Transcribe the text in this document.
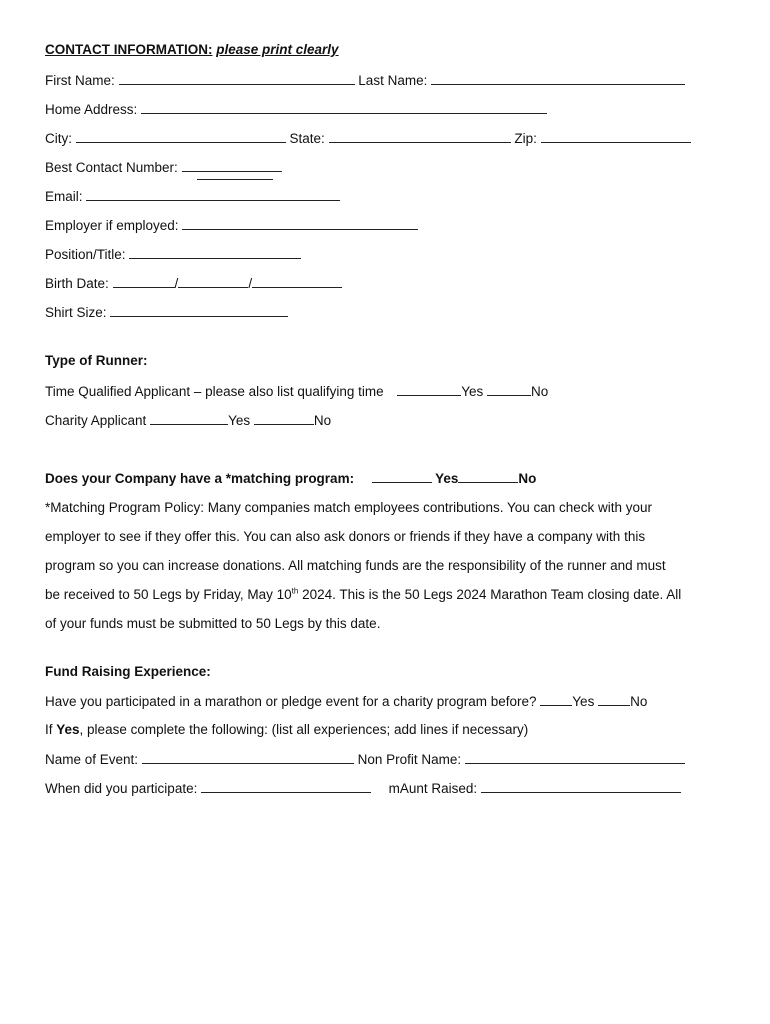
CONTACT INFORMATION: please print clearly
First Name:	Last Name:
Home Address:
City:	State:	Zip:
Best Contact Number:
Email:
Employer if employed:
Position/Title:
Birth Date:	/	/
Shirt Size:
Type of Runner:
Time Qualified Applicant – please also list qualifying time	Yes	No
Charity Applicant	Yes	No
Does your Company have a *matching program:	Yes	No
*Matching Program Policy: Many companies match employees contributions. You can check with your
employer to see if they offer this. You can also ask donors or friends if they have a company with this
program so you can increase donations. All matching funds are the responsibility of the runner and must
be received to 50 Legs by Friday, May 10th 2024. This is the 50 Legs 2024 Marathon Team closing date. All
of your funds must be submitted to 50 Legs by this date.
Fund Raising Experience:
Have you participated in a marathon or pledge event for a charity program before?	Yes	No
If Yes, please complete the following: (list all experiences; add lines if necessary)
Name of Event:	Non Profit Name:
When did you participate:	mAunt Raised:
